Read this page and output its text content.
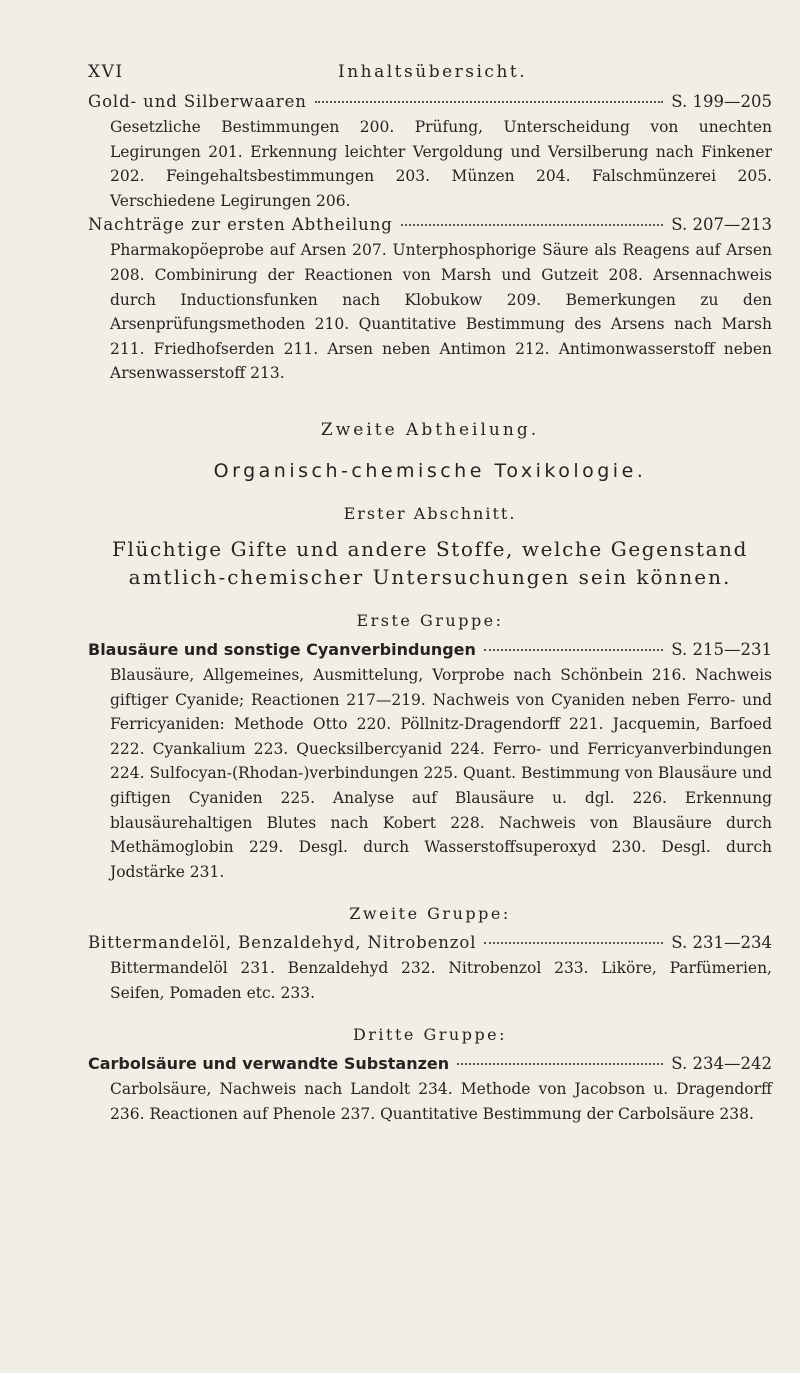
XVI	Inhaltsübersicht.
Gold- und Silberwaaren	S. 199—205

Gesetzliche Bestimmungen 200. Prüfung, Unterscheidung von unechten Legirungen 201. Erkennung leichter Vergoldung und Versilberung nach Finkener 202. Feingehaltsbestimmungen 203. Münzen 204. Falschmünzerei 205. Verschiedene Legirungen 206.

Nachträge zur ersten Abtheilung	S. 207—213

Pharmakopöeprobe auf Arsen 207. Unterphosphorige Säure als Reagens auf Arsen 208. Combinirung der Reactionen von Marsh und Gutzeit 208. Arsennachweis durch Inductionsfunken nach Klobukow 209. Bemerkungen zu den Arsenprüfungsmethoden 210. Quantitative Bestimmung des Arsens nach Marsh 211. Friedhofserden 211. Arsen neben Antimon 212. Antimonwasserstoff neben Arsenwasserstoff 213.

Zweite Abtheilung.

Organisch-chemische Toxikologie.

Erster Abschnitt.

Flüchtige Gifte und andere Stoffe, welche Gegenstand

amtlich-chemischer Untersuchungen sein können.

Erste Gruppe:

Blausäure und sonstige Cyanverbindungen	S. 215—231

Blausäure, Allgemeines, Ausmittelung, Vorprobe nach Schönbein 216. Nachweis giftiger Cyanide; Reactionen 217—219. Nachweis von Cyaniden neben Ferro- und Ferricyaniden: Methode Otto 220. Pöllnitz-Dragendorff 221. Jacquemin, Barfoed 222. Cyankalium 223. Quecksilbercyanid 224. Ferro- und Ferricyanverbindungen 224. Sulfocyan-(Rhodan-)verbindungen 225. Quant. Bestimmung von Blausäure und giftigen Cyaniden 225. Analyse auf Blausäure u. dgl. 226. Erkennung blausäurehaltigen Blutes nach Kobert 228. Nachweis von Blausäure durch Methämoglobin 229. Desgl. durch Wasserstoffsuperoxyd 230. Desgl. durch Jodstärke 231.

Zweite Gruppe:

Bittermandelöl, Benzaldehyd, Nitrobenzol	S. 231—234

Bittermandelöl 231. Benzaldehyd 232. Nitrobenzol 233. Liköre, Parfümerien, Seifen, Pomaden etc. 233.

Dritte Gruppe:

Carbolsäure und verwandte Substanzen	S. 234—242

Carbolsäure, Nachweis nach Landolt 234. Methode von Jacobson u. Dragendorff 236. Reactionen auf Phenole 237. Quantitative Bestimmung der Carbolsäure 238.
